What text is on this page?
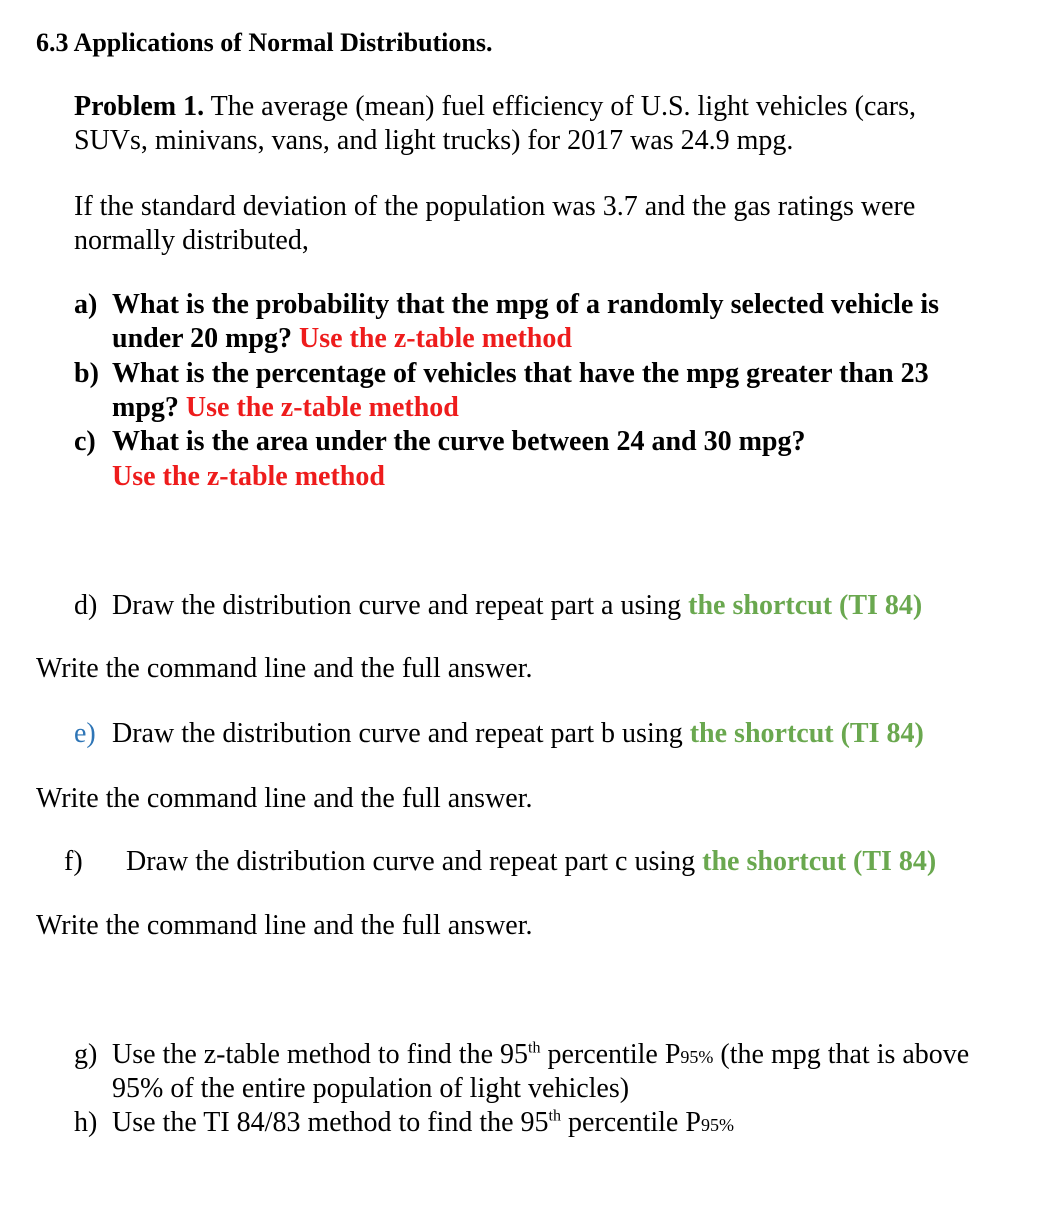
6.3 Applications of Normal Distributions.
Problem 1. The average (mean) fuel efficiency of U.S. light vehicles (cars,
SUVs, minivans, vans, and light trucks) for 2017 was 24.9 mpg.
If the standard deviation of the population was 3.7 and the gas ratings were
normally distributed,
a) What is the probability that the mpg of a randomly selected vehicle is
under 20 mpg? Use the z-table method
b) What is the percentage of vehicles that have the mpg greater than 23
mpg? Use the z-table method
c) What is the area under the curve between 24 and 30 mpg?
Use the z-table method
d) Draw the distribution curve and repeat part a using the shortcut (TI 84)
Write the command line and the full answer.
e) Draw the distribution curve and repeat part b using the shortcut (TI 84)
Write the command line and the full answer.
f) Draw the distribution curve and repeat part c using the shortcut (TI 84)
Write the command line and the full answer.
g) Use the z-table method to find the 95th percentile P95% (the mpg that is above
95% of the entire population of light vehicles)
h) Use the TI 84/83 method to find the 95th percentile P95%
